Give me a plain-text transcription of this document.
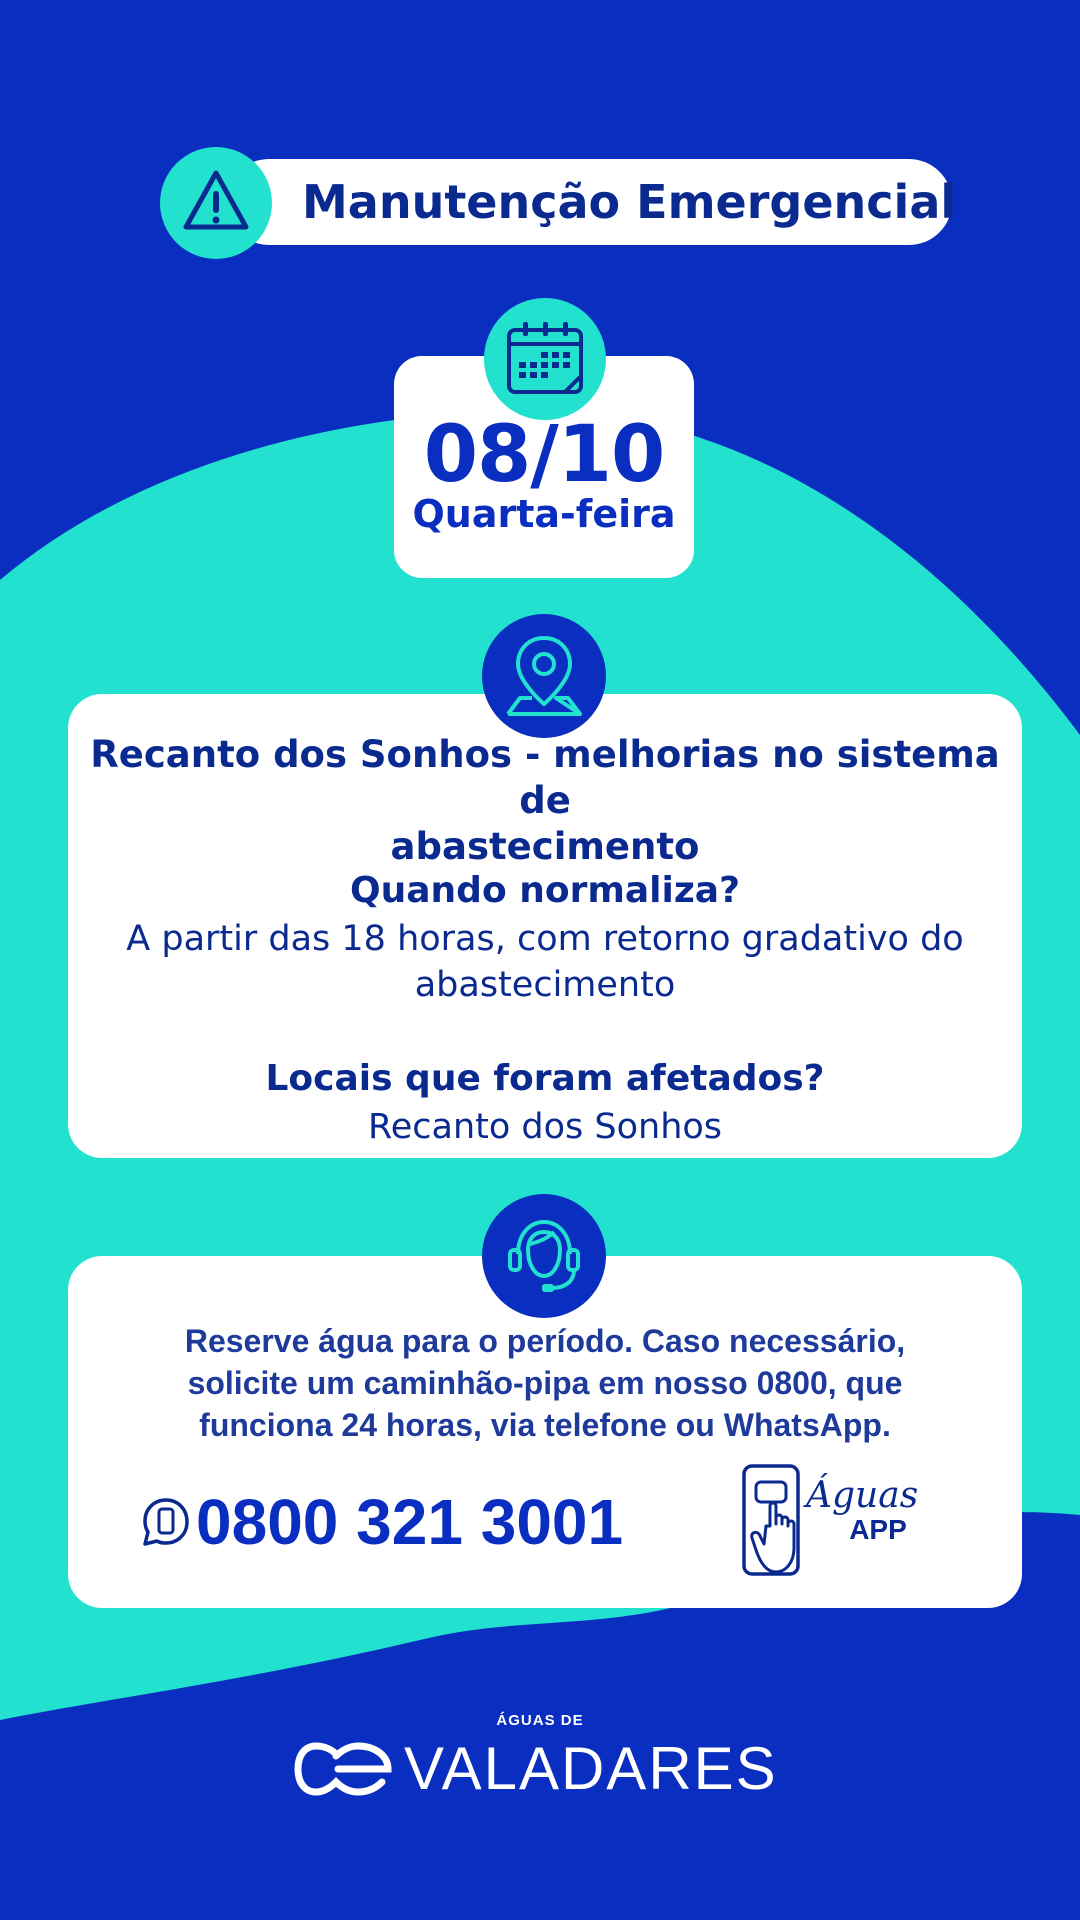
Manutenção Emergencial
08/10
Quarta-feira
Recanto dos Sonhos - melhorias no sistema de
abastecimento
Quando normaliza?
A partir das 18 horas, com retorno gradativo do
abastecimento
Locais que foram afetados?
Recanto dos Sonhos
Reserve água para o período. Caso necessário,
solicite um caminhão-pipa em nosso 0800, que
funciona 24 horas, via telefone ou WhatsApp.
0800 321 3001	Águas
APP
ÁGUAS DE
VALADARES
